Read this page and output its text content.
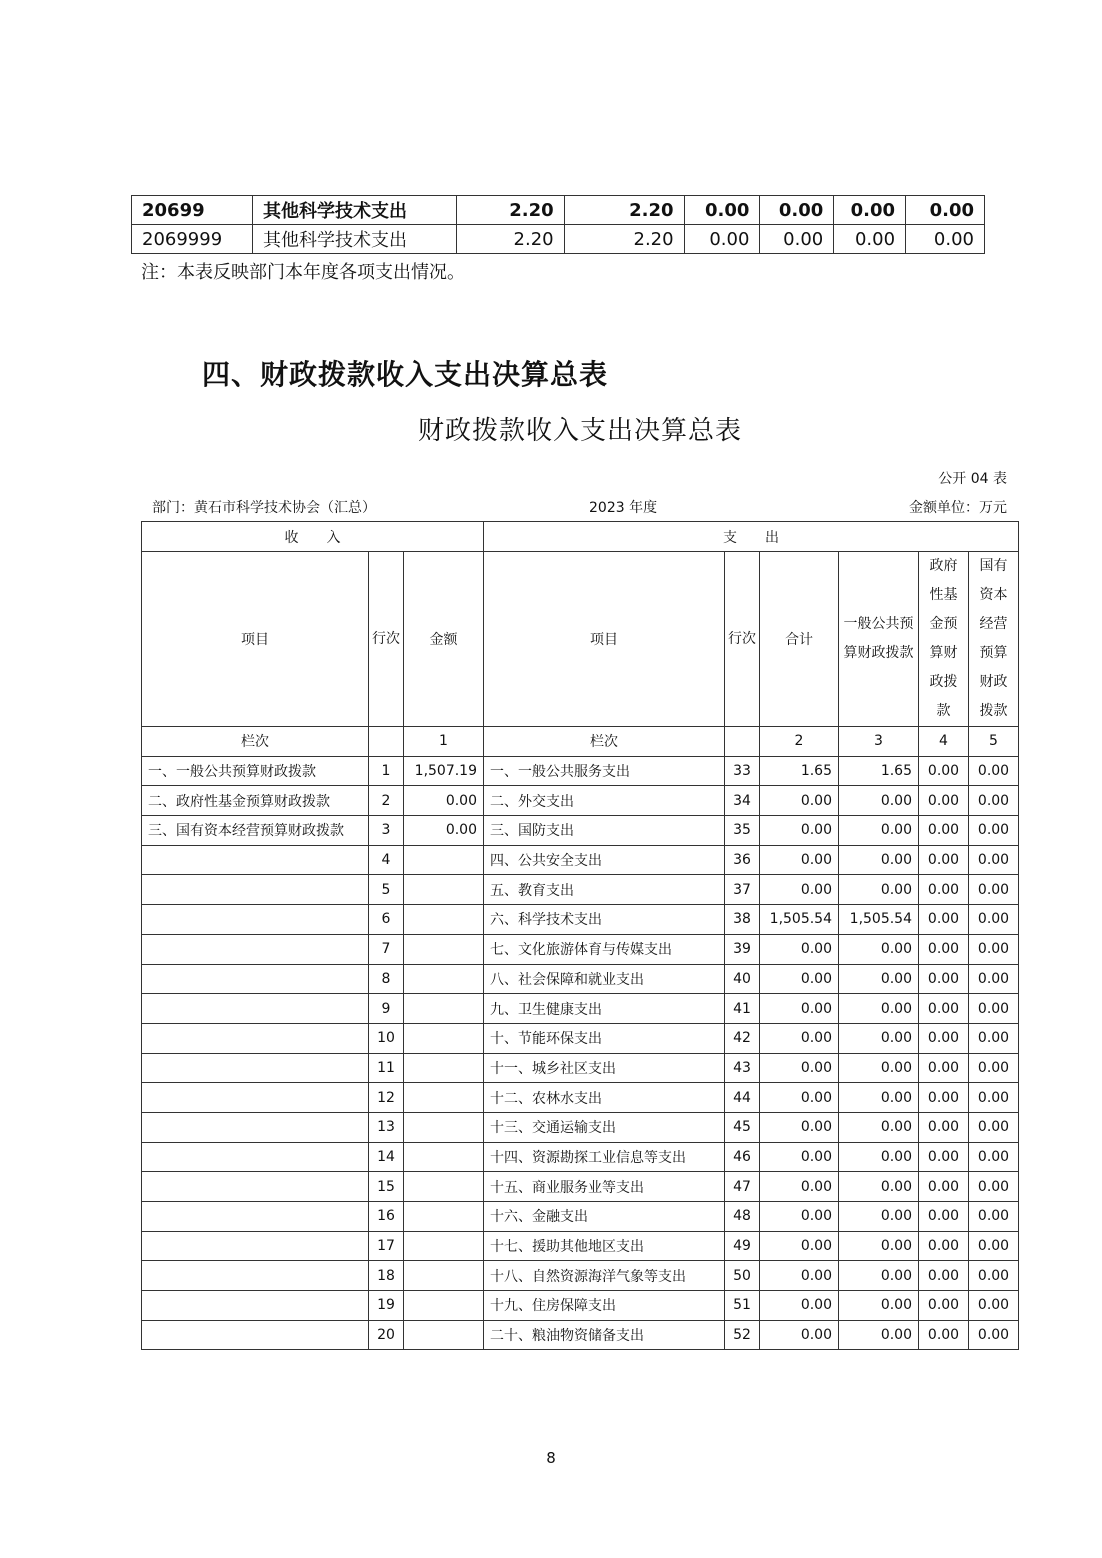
20699	其他科学技术支出	2.20	2.20	0.00	0.00	0.00	0.00
2069999	其他科学技术支出	2.20	2.20	0.00	0.00	0.00	0.00
注：本表反映部门本年度各项支出情况。
四、财政拨款收入支出决算总表
财政拨款收入支出决算总表
公开 04 表
部门：黄石市科学技术协会（汇总）	2023 年度	金额单位：万元
收　　入			支　　出					
项目	行次	金额	项目	行次	合计	一般公共预算财政拨款	政府性基金预算财政拨款	国有资本经营预算财政拨款
栏次		1	栏次		2	3	4	5
一、一般公共预算财政拨款	1	1,507.19	一、一般公共服务支出	33	1.65	1.65	0.00	0.00
二、政府性基金预算财政拨款	2	0.00	二、外交支出	34	0.00	0.00	0.00	0.00
三、国有资本经营预算财政拨款	3	0.00	三、国防支出	35	0.00	0.00	0.00	0.00
	4		四、公共安全支出	36	0.00	0.00	0.00	0.00
	5		五、教育支出	37	0.00	0.00	0.00	0.00
	6		六、科学技术支出	38	1,505.54	1,505.54	0.00	0.00
	7		七、文化旅游体育与传媒支出	39	0.00	0.00	0.00	0.00
	8		八、社会保障和就业支出	40	0.00	0.00	0.00	0.00
	9		九、卫生健康支出	41	0.00	0.00	0.00	0.00
	10		十、节能环保支出	42	0.00	0.00	0.00	0.00
	11		十一、城乡社区支出	43	0.00	0.00	0.00	0.00
	12		十二、农林水支出	44	0.00	0.00	0.00	0.00
	13		十三、交通运输支出	45	0.00	0.00	0.00	0.00
	14		十四、资源勘探工业信息等支出	46	0.00	0.00	0.00	0.00
	15		十五、商业服务业等支出	47	0.00	0.00	0.00	0.00
	16		十六、金融支出	48	0.00	0.00	0.00	0.00
	17		十七、援助其他地区支出	49	0.00	0.00	0.00	0.00
	18		十八、自然资源海洋气象等支出	50	0.00	0.00	0.00	0.00
	19		十九、住房保障支出	51	0.00	0.00	0.00	0.00
	20		二十、粮油物资储备支出	52	0.00	0.00	0.00	0.00
8
